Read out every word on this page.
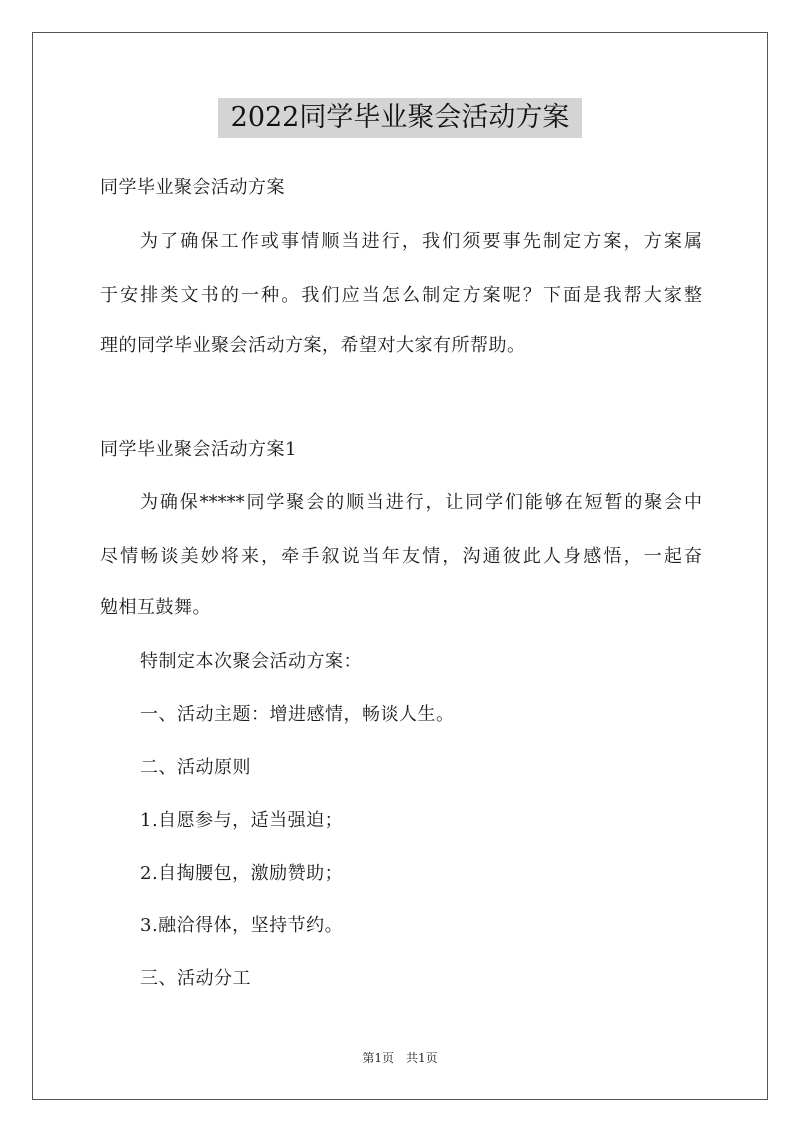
2022同学毕业聚会活动方案
同学毕业聚会活动方案
为了确保工作或事情顺当进行，我们须要事先制定方案，方案属
于安排类文书的一种。我们应当怎么制定方案呢？下面是我帮大家整
理的同学毕业聚会活动方案，希望对大家有所帮助。
同学毕业聚会活动方案1
为确保*****同学聚会的顺当进行，让同学们能够在短暂的聚会中
尽情畅谈美妙将来，牵手叙说当年友情，沟通彼此人身感悟，一起奋
勉相互鼓舞。
特制定本次聚会活动方案：
一、活动主题：增进感情，畅谈人生。
二、活动原则
1.自愿参与，适当强迫；
2.自掏腰包，激励赞助；
3.融洽得体，坚持节约。
三、活动分工
第1页　共1页
